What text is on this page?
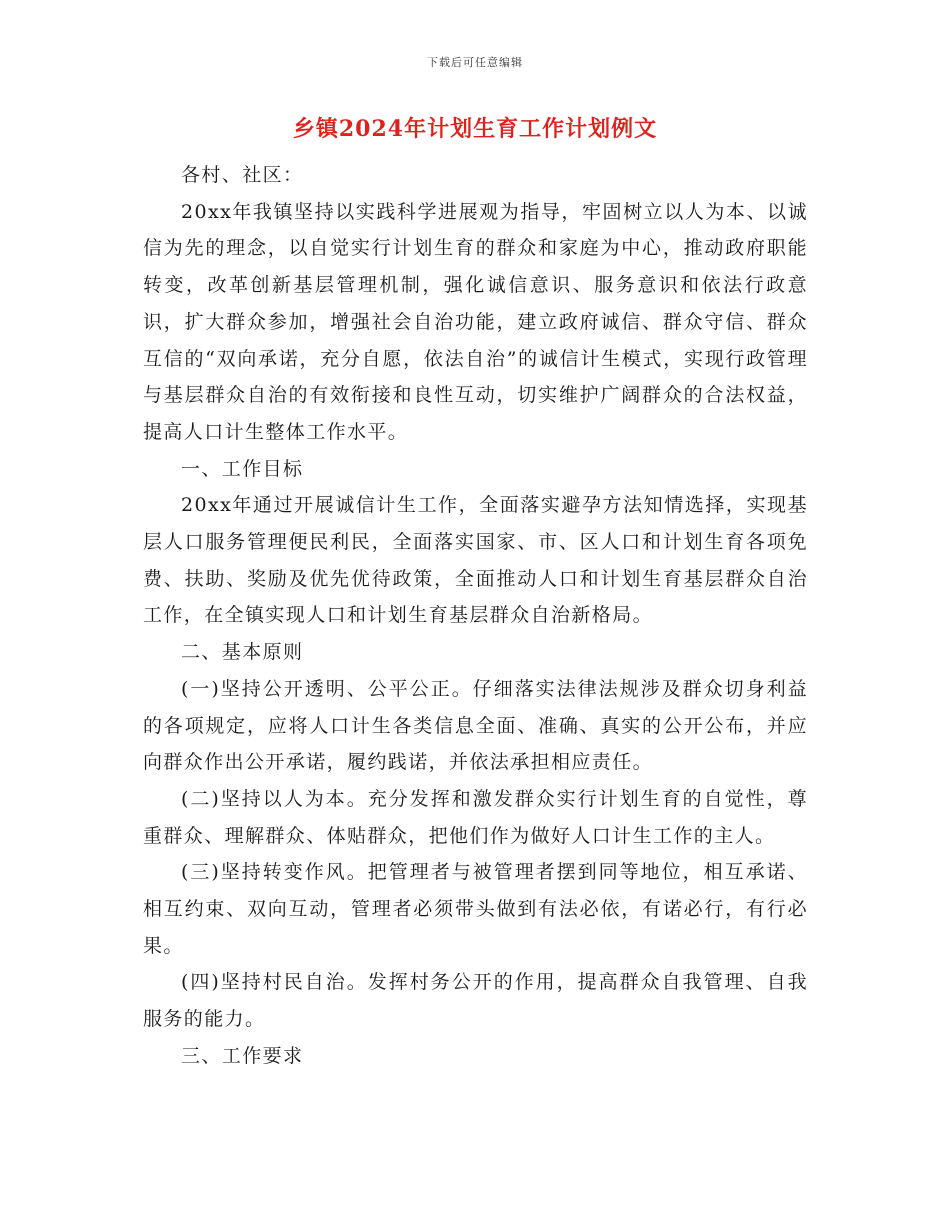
下载后可任意编辑
乡镇2024年计划生育工作计划例文

各村、社区：

20xx年我镇坚持以实践科学进展观为指导，牢固树立以人为本、以诚信为先的理念，以自觉实行计划生育的群众和家庭为中心，推动政府职能转变，改革创新基层管理机制，强化诚信意识、服务意识和依法行政意识，扩大群众参加，增强社会自治功能，建立政府诚信、群众守信、群众互信的“双向承诺，充分自愿，依法自治”的诚信计生模式，实现行政管理与基层群众自治的有效衔接和良性互动，切实维护广阔群众的合法权益，提高人口计生整体工作水平。

一、工作目标

20xx年通过开展诚信计生工作，全面落实避孕方法知情选择，实现基层人口服务管理便民利民，全面落实国家、市、区人口和计划生育各项免费、扶助、奖励及优先优待政策，全面推动人口和计划生育基层群众自治工作，在全镇实现人口和计划生育基层群众自治新格局。

二、基本原则

(一)坚持公开透明、公平公正。仔细落实法律法规涉及群众切身利益的各项规定，应将人口计生各类信息全面、准确、真实的公开公布，并应向群众作出公开承诺，履约践诺，并依法承担相应责任。

(二)坚持以人为本。充分发挥和激发群众实行计划生育的自觉性，尊重群众、理解群众、体贴群众，把他们作为做好人口计生工作的主人。

(三)坚持转变作风。把管理者与被管理者摆到同等地位，相互承诺、相互约束、双向互动，管理者必须带头做到有法必依，有诺必行，有行必果。

(四)坚持村民自治。发挥村务公开的作用，提高群众自我管理、自我服务的能力。

三、工作要求
